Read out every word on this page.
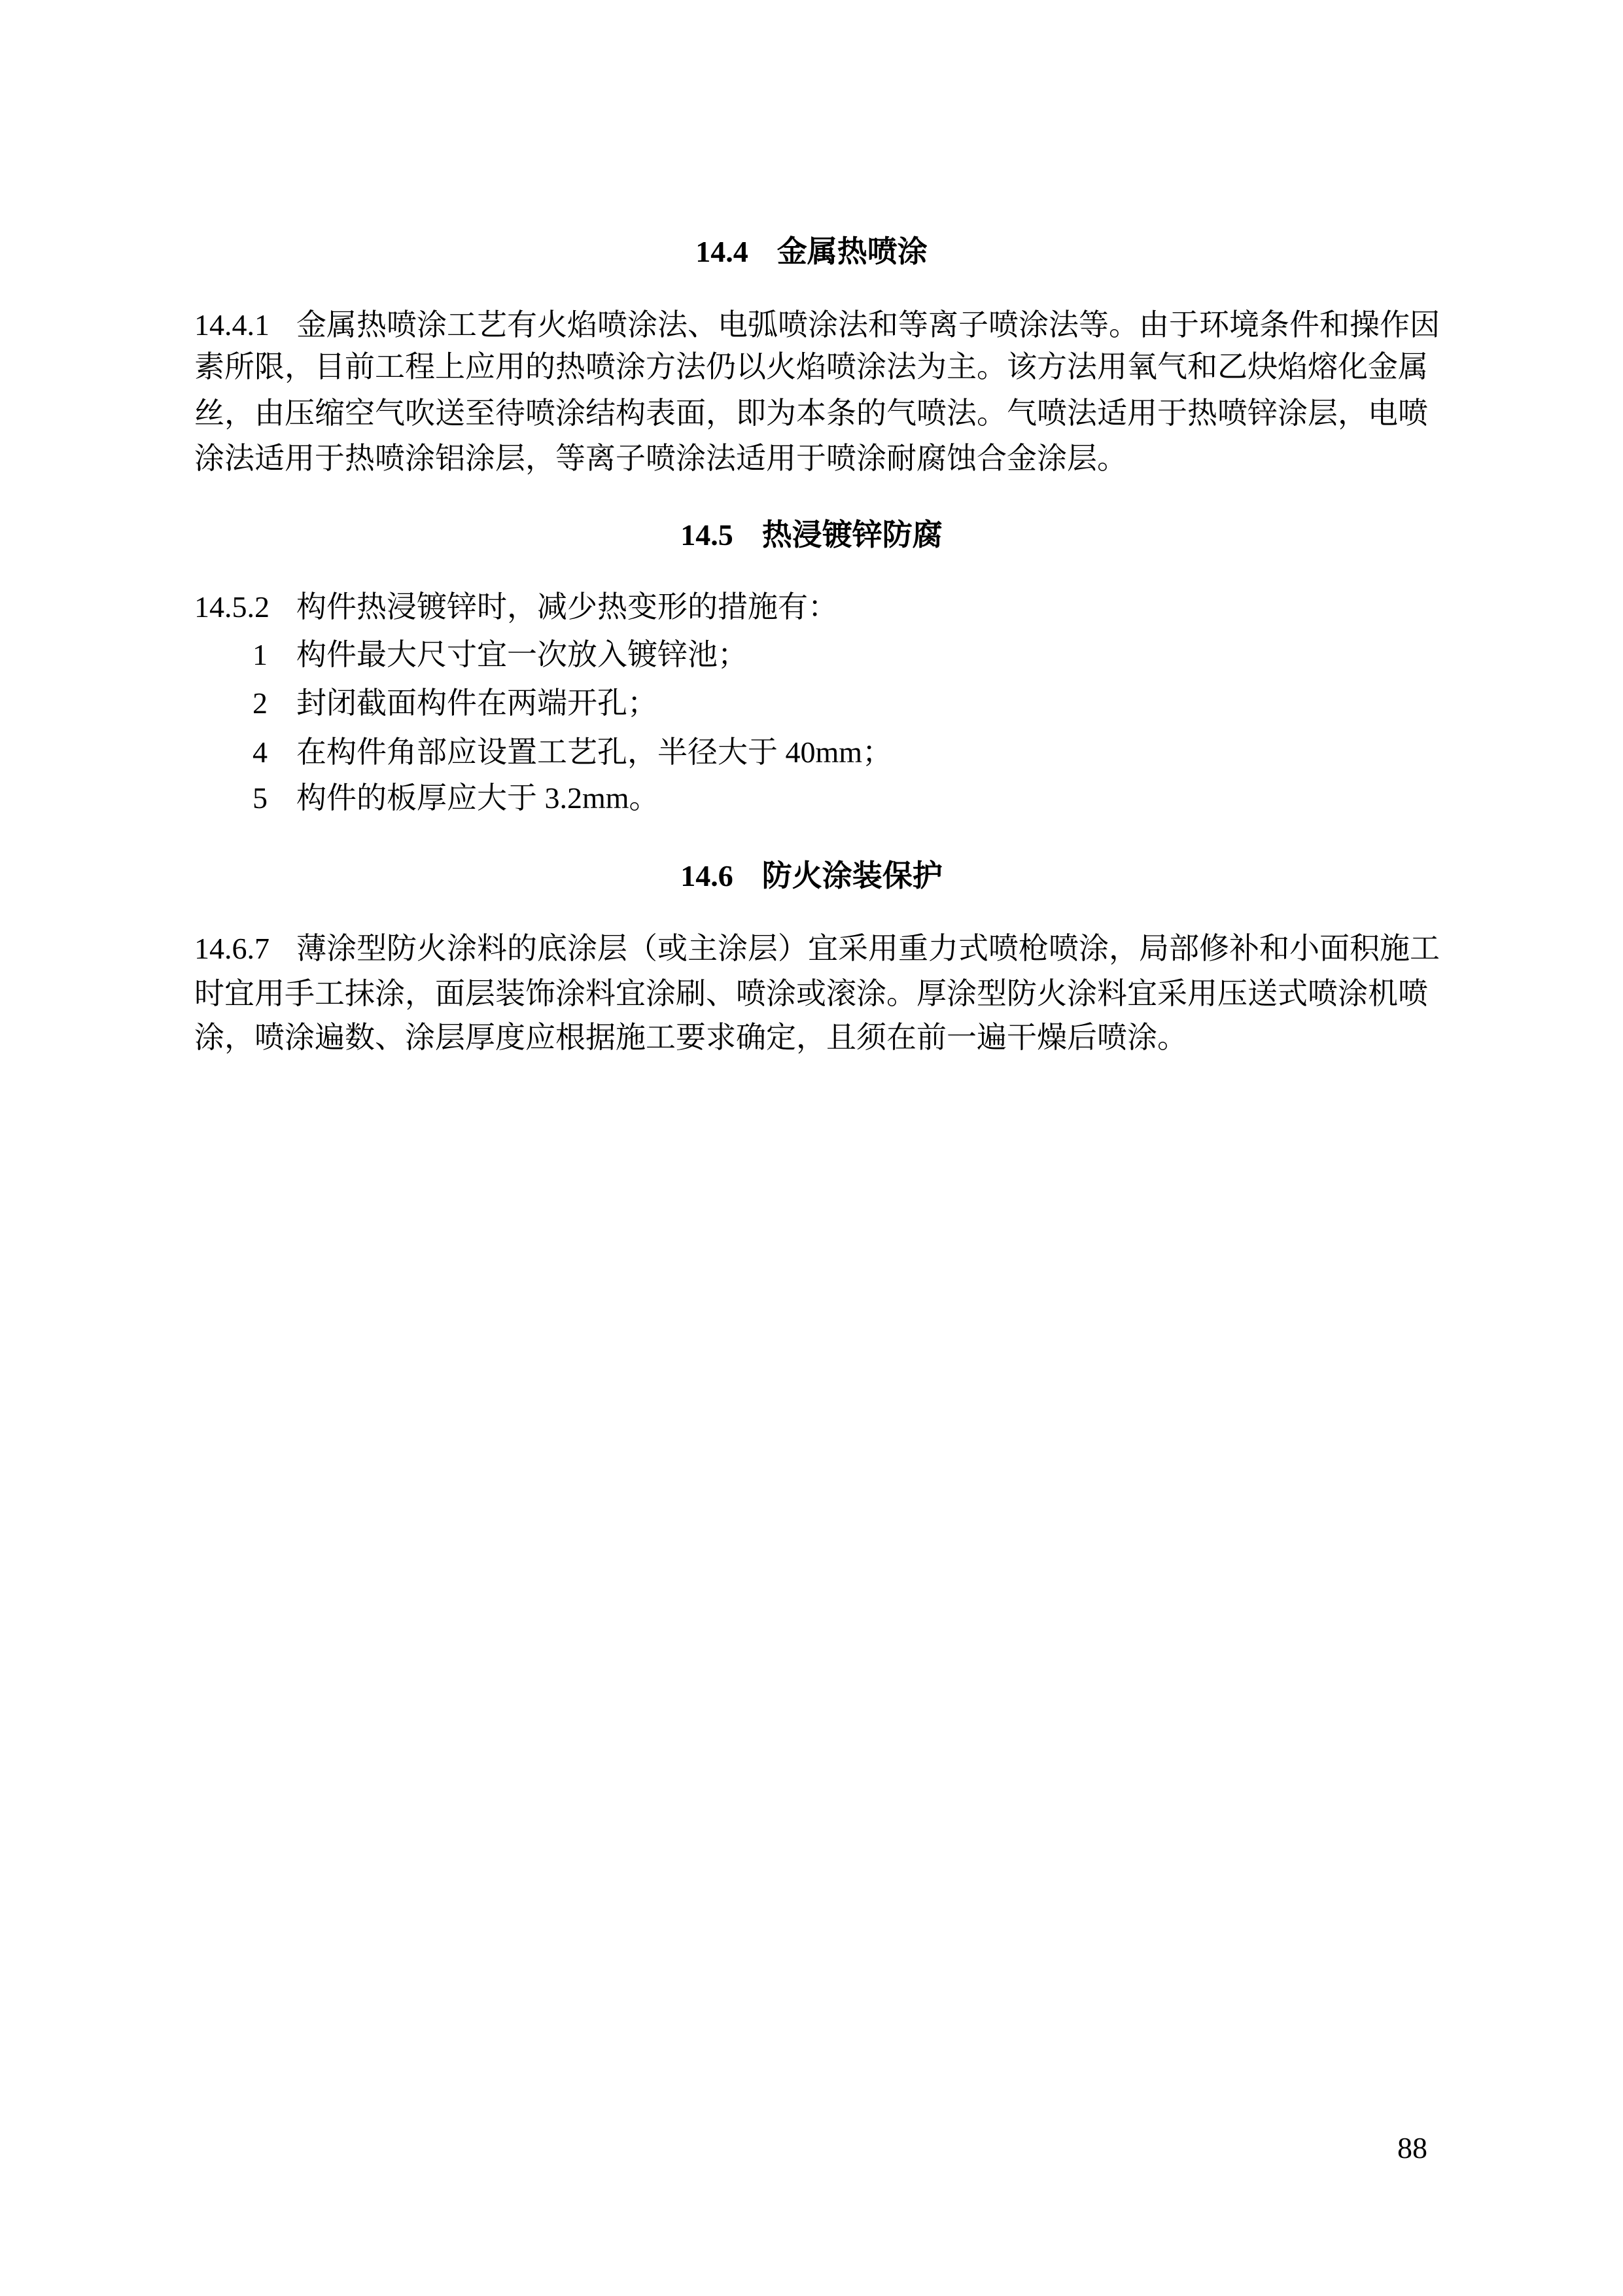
14.4 金属热喷涂
14.4.1 金属热喷涂工艺有火焰喷涂法、电弧喷涂法和等离子喷涂法等。由于环境条件和操作因
素所限，目前工程上应用的热喷涂方法仍以火焰喷涂法为主。该方法用氧气和乙炔焰熔化金属
丝，由压缩空气吹送至待喷涂结构表面，即为本条的气喷法。气喷法适用于热喷锌涂层，电喷
涂法适用于热喷涂铝涂层，等离子喷涂法适用于喷涂耐腐蚀合金涂层。
14.5 热浸镀锌防腐
14.5.2 构件热浸镀锌时，减少热变形的措施有：
1 构件最大尺寸宜一次放入镀锌池；
2 封闭截面构件在两端开孔；
4 在构件角部应设置工艺孔，半径大于 40mm；
5 构件的板厚应大于 3.2mm。
14.6 防火涂装保护
14.6.7 薄涂型防火涂料的底涂层（或主涂层）宜采用重力式喷枪喷涂，局部修补和小面积施工
时宜用手工抹涂，面层装饰涂料宜涂刷、喷涂或滚涂。厚涂型防火涂料宜采用压送式喷涂机喷
涂，喷涂遍数、涂层厚度应根据施工要求确定，且须在前一遍干燥后喷涂。
88
